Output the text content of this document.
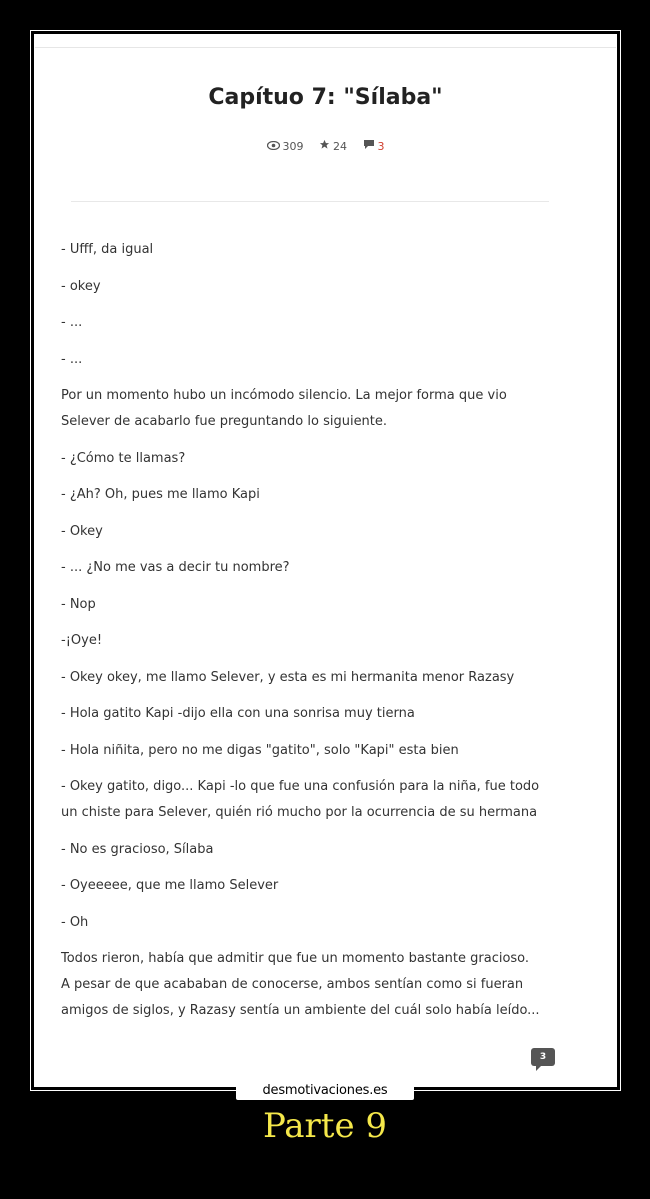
Capítuo 7: "Sílaba"
309
	24
	3

- Ufff, da igual

- okey

- ...

- ...

Por un momento hubo un incómodo silencio. La mejor forma que vio Selever de acabarlo fue preguntando lo siguiente.

- ¿Cómo te llamas?

- ¿Ah? Oh, pues me llamo Kapi

- Okey

- ... ¿No me vas a decir tu nombre?

- Nop

-¡Oye!

- Okey okey, me llamo Selever, y esta es mi hermanita menor Razasy

- Hola gatito Kapi -dijo ella con una sonrisa muy tierna

- Hola niñita, pero no me digas "gatito", solo "Kapi" esta bien

- Okey gatito, digo... Kapi -lo que fue una confusión para la niña, fue todo un chiste para Selever, quién rió mucho por la ocurrencia de su hermana

- No es gracioso, Sílaba

- Oyeeeee, que me llamo Selever

- Oh

Todos rieron, había que admitir que fue un momento bastante gracioso. A pesar de que acababan de conocerse, ambos sentían como si fueran amigos de siglos, y Razasy sentía un ambiente del cuál solo había leído...

3
desmotivaciones.es
Parte 9
